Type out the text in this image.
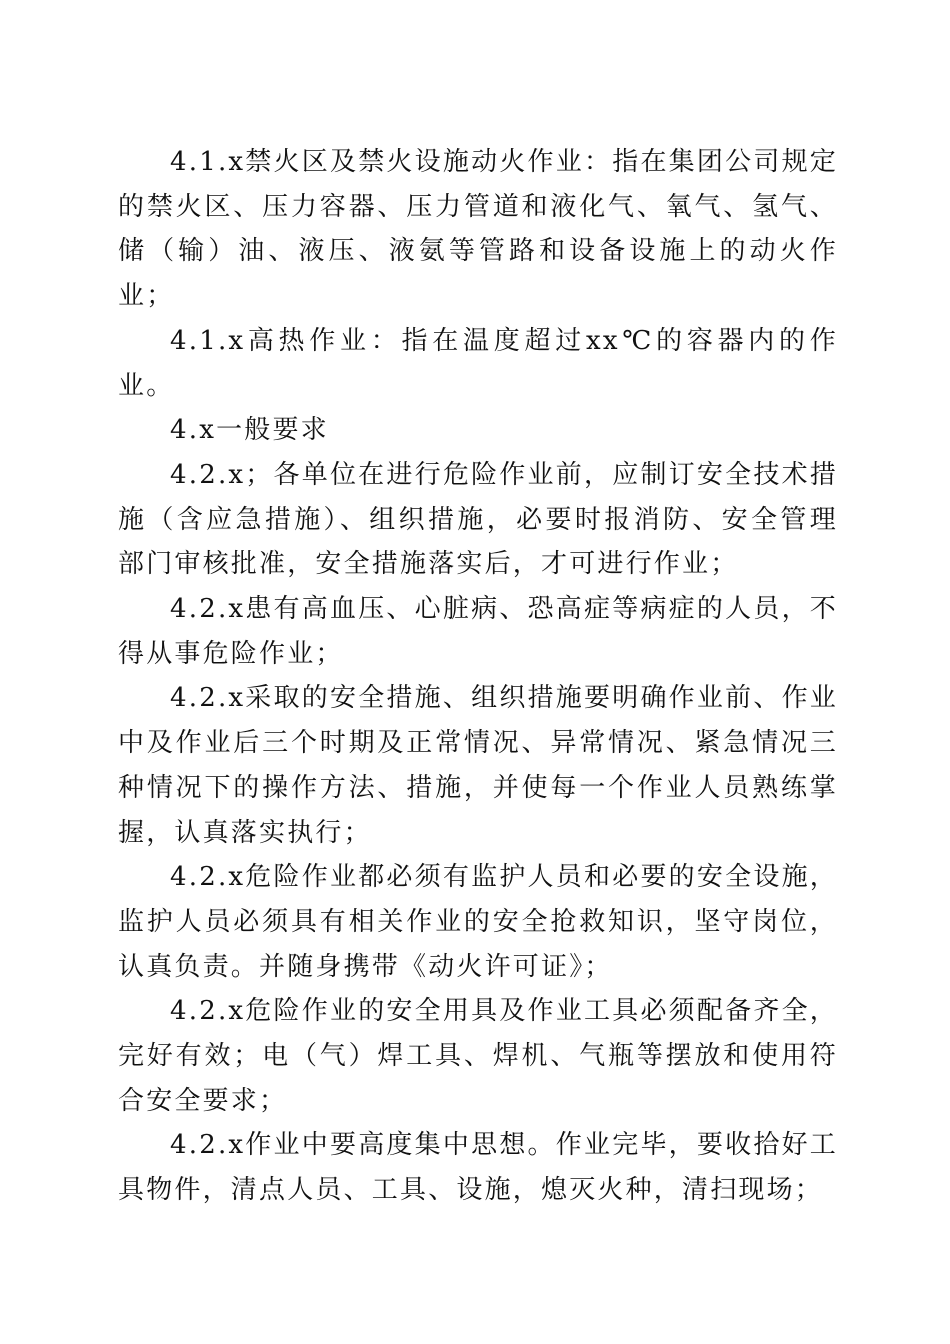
4.1.x禁火区及禁火设施动火作业：指在集团公司规定的禁火区、压力容器、压力管道和液化气、氧气、氢气、储（输）油、液压、液氨等管路和设备设施上的动火作业；

4.1.x高热作业：指在温度超过xx℃的容器内的作业。

4.x一般要求

4.2.x；各单位在进行危险作业前，应制订安全技术措施（含应急措施）、组织措施，必要时报消防、安全管理部门审核批准，安全措施落实后，才可进行作业；

4.2.x患有高血压、心脏病、恐高症等病症的人员，不得从事危险作业；

4.2.x采取的安全措施、组织措施要明确作业前、作业中及作业后三个时期及正常情况、异常情况、紧急情况三种情况下的操作方法、措施，并使每一个作业人员熟练掌握，认真落实执行；

4.2.x危险作业都必须有监护人员和必要的安全设施，监护人员必须具有相关作业的安全抢救知识，坚守岗位，认真负责。并随身携带《动火许可证》；

4.2.x危险作业的安全用具及作业工具必须配备齐全，完好有效；电（气）焊工具、焊机、气瓶等摆放和使用符合安全要求；

4.2.x作业中要高度集中思想。作业完毕，要收拾好工具物件，清点人员、工具、设施，熄灭火种，清扫现场；
